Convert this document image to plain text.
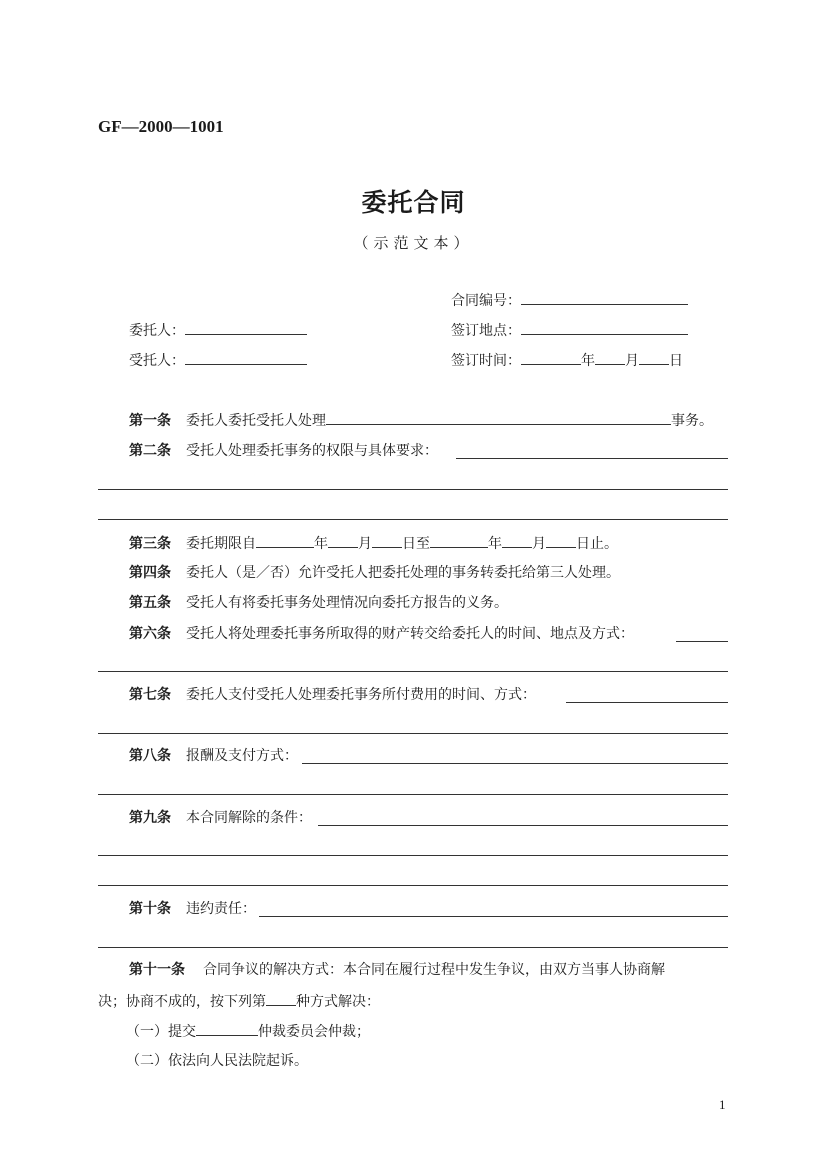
GF—2000—1001
委托合同
（示范文本）
合同编号：
委托人：	签订地点：
受托人：	签订时间：	年 月 日
第一条 委托人委托受托人处理	事务。
第二条 受托人处理委托事务的权限与具体要求：
第三条 委托期限自	年 月 日至	年 月 日止。
第四条 委托人（是／否）允许受托人把委托处理的事务转委托给第三人处理。
第五条 受托人有将委托事务处理情况向委托方报告的义务。
第六条 受托人将处理委托事务所取得的财产转交给委托人的时间、地点及方式：
第七条 委托人支付受托人处理委托事务所付费用的时间、方式：
第八条 报酬及支付方式：
第九条 本合同解除的条件：
第十条 违约责任：
第十一条 合同争议的解决方式：本合同在履行过程中发生争议，由双方当事人协商解
决；协商不成的，按下列第 种方式解决：
（一）提交	仲裁委员会仲裁；
（二）依法向人民法院起诉。
1
